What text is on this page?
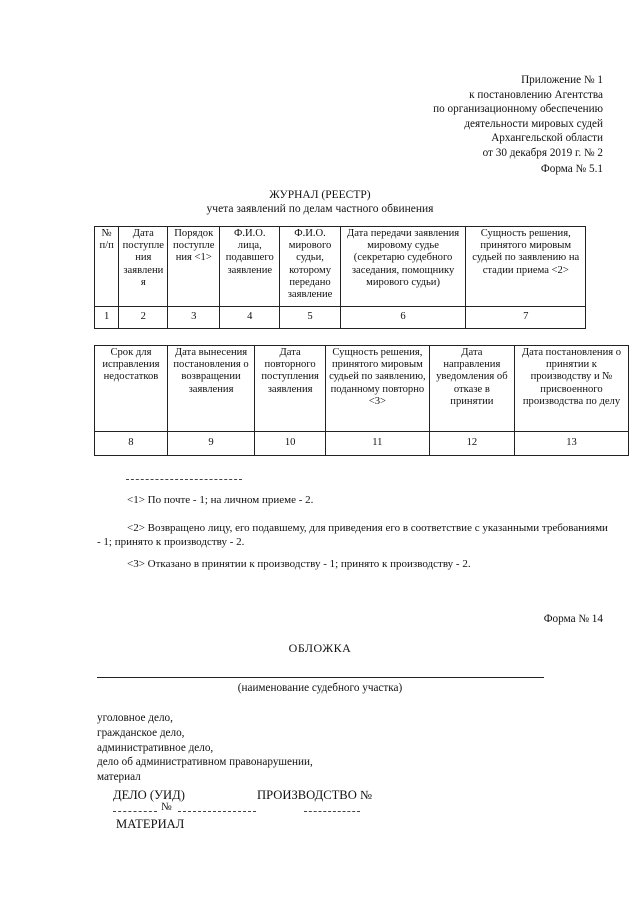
Приложение № 1
к постановлению Агентства
по организационному обеспечению
деятельности мировых судей
Архангельской области
от 30 декабря 2019 г. № 2
Форма № 5.1
ЖУРНАЛ (РЕЕСТР)
учета заявлений по делам частного обвинения
№ п/п	Дата поступле ния заявлени я	Порядок поступле ния <1>	Ф.И.О. лица, подавшего заявление	Ф.И.О. мирового судьи, которому передано заявление	Дата передачи заявления мировому судье (секретарю судебного заседания, помощнику мирового судьи)	Сущность решения, принятого мировым судьей по заявлению на стадии приема <2>
1	2	3	4	5	6	7
Срок для исправления недостатков	Дата вынесения постановления о возвращении заявления	Дата повторного поступления заявления	Сущность решения, принятого мировым судьей по заявлению, поданному повторно <3>	Дата направления уведомления об отказе в принятии	Дата постановления о принятии к производству и № присвоенного производства по делу
8	9	10	11	12	13
<1> По почте - 1; на личном приеме - 2.
<2> Возвращено лицу, его подавшему, для приведения его в соответствие с указанными требованиями
- 1; принято к производству - 2.
<3> Отказано в принятии к производству - 1; принято к производству - 2.
Форма № 14
ОБЛОЖКА
(наименование судебного участка)
уголовное дело,
гражданское дело,
административное дело,
дело об административном правонарушении,
материал
ДЕЛО (УИД)	ПРОИЗВОДСТВО №
№
МАТЕРИАЛ
